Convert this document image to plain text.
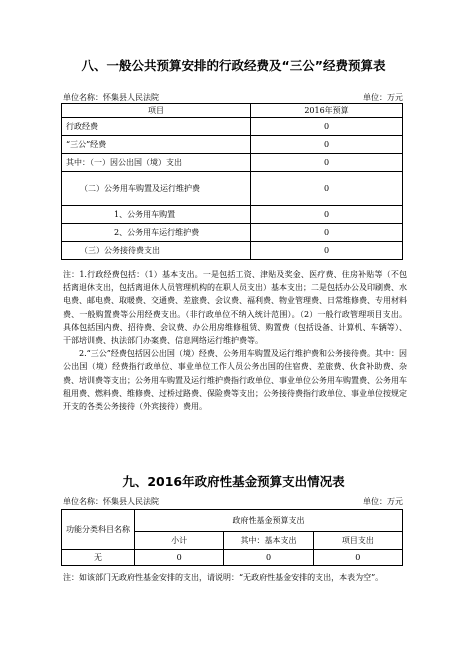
八、一般公共预算安排的行政经费及“三公”经费预算表
单位名称：怀集县人民法院	单位：万元
项目	2016年预算
行政经费	0
“三公”经费	0
其中：（一）因公出国（境）支出	0
（二）公务用车购置及运行维护费	0
1、公务用车购置	0
2、公务用车运行维护费	0
（三）公务接待费支出	0

注：1.行政经费包括：（1）基本支出。一是包括工资、津贴及奖金、医疗费、住房补贴等（不包括离退休支出，包括离退休人员管理机构的在职人员支出）基本支出；二是包括办公及印刷费、水电费、邮电费、取暖费、交通费、差旅费、会议费、福利费、物业管理费、日常维修费、专用材料费、一般购置费等公用经费支出。（非行政单位不纳入统计范围）。（2）一般行政管理项目支出。具体包括国内费、招待费、会议费、办公用房维修租赁、购置费（包括设备、计算机、车辆等）、干部培训费、执法部门办案费、信息网络运行维护费等。

2.“三公”经费包括因公出国（境）经费、公务用车购置及运行维护费和公务接待费。其中：因公出国（境）经费指行政单位、事业单位工作人员公务出国的住宿费、差旅费、伙食补助费、杂费、培训费等支出；公务用车购置及运行维护费指行政单位、事业单位公务用车购置费、公务用车租用费、燃料费、维修费、过桥过路费、保险费等支出；公务接待费指行政单位、事业单位按规定开支的各类公务接待（外宾接待）费用。

九、2016年政府性基金预算支出情况表
单位名称：怀集县人民法院	单位：万元
功能分类科目名称	政府性基金预算支出		
	小计	其中：基本支出	项目支出
无	0	0	0
注：如该部门无政府性基金安排的支出，请说明：“无政府性基金安排的支出，本表为空”。
